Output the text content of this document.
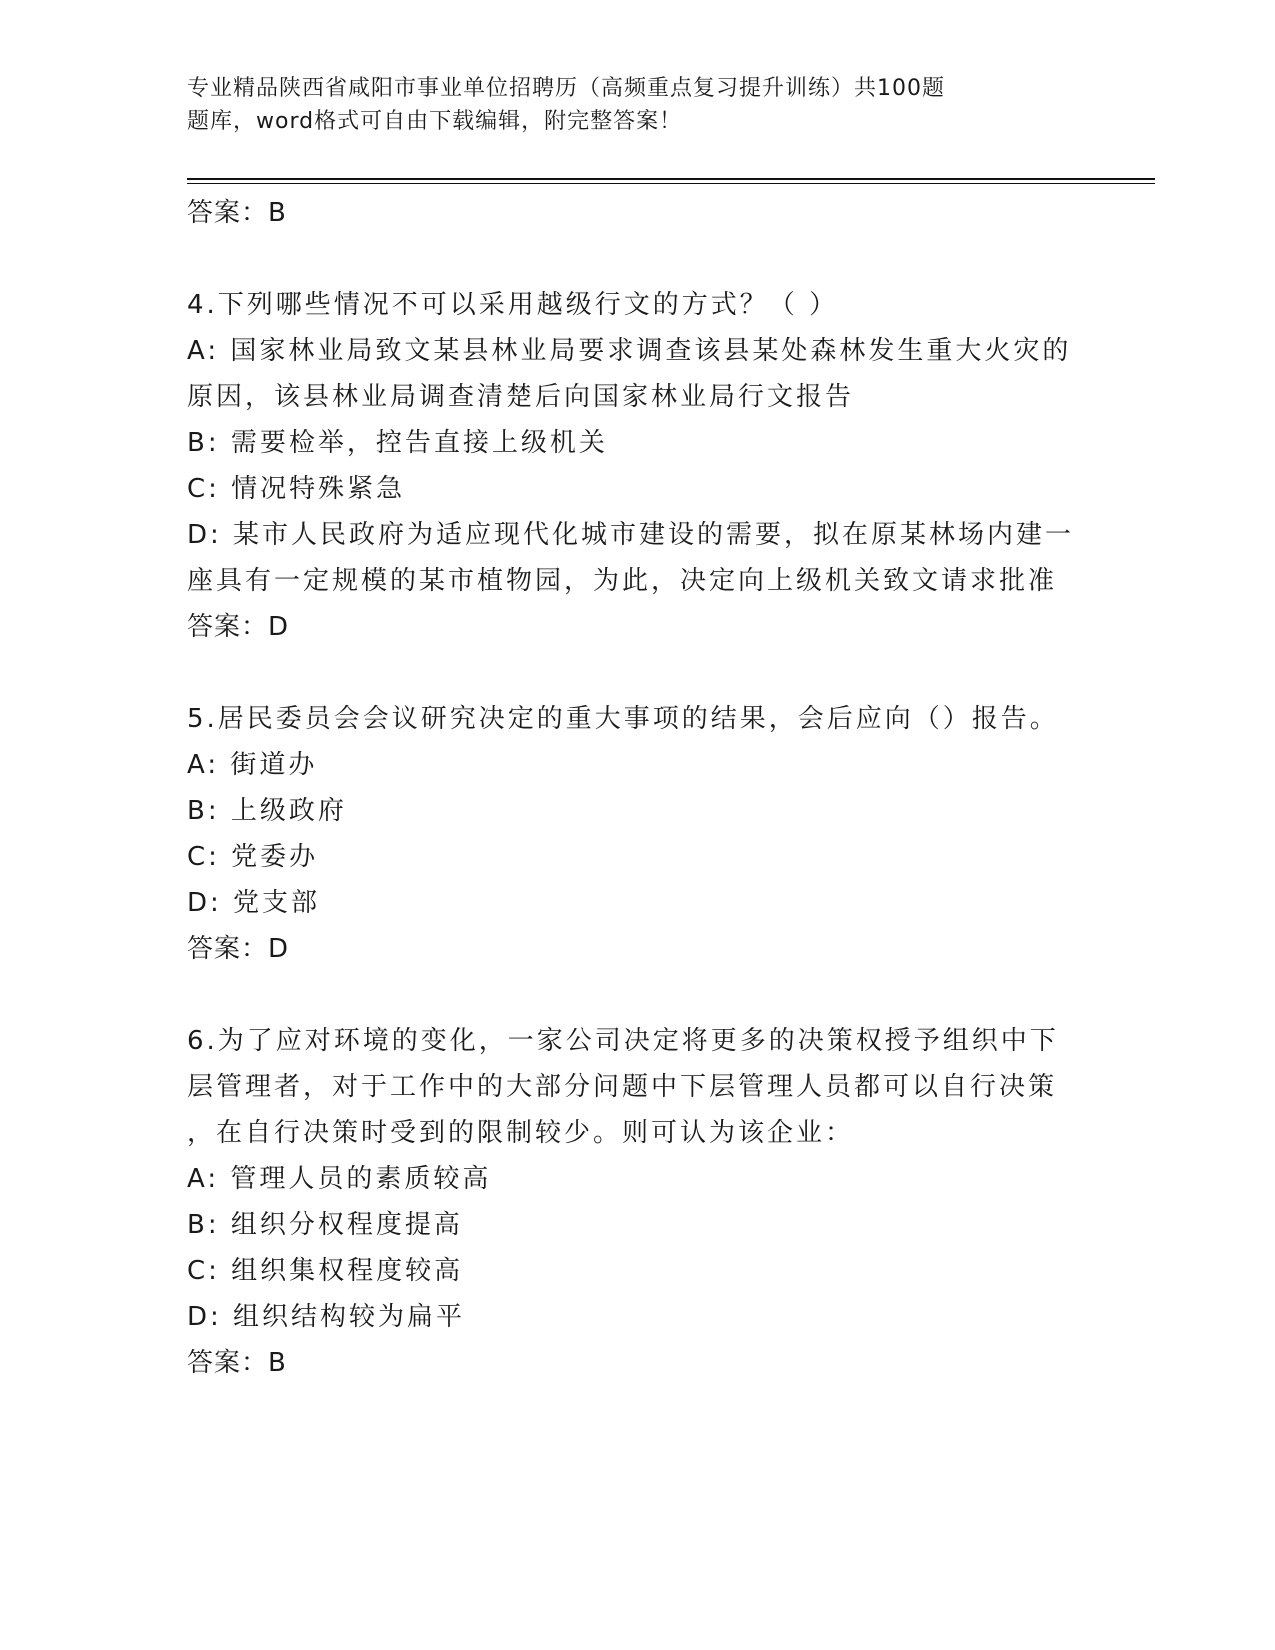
专业精品陕西省咸阳市事业单位招聘历（高频重点复习提升训练）共100题
题库，word格式可自由下载编辑，附完整答案！
答案：B
4.下列哪些情况不可以采用越级行文的方式？（ ）
A: 国家林业局致文某县林业局要求调查该县某处森林发生重大火灾的
原因，该县林业局调查清楚后向国家林业局行文报告
B: 需要检举，控告直接上级机关
C: 情况特殊紧急
D: 某市人民政府为适应现代化城市建设的需要，拟在原某林场内建一
座具有一定规模的某市植物园，为此，决定向上级机关致文请求批准
答案：D
5.居民委员会会议研究决定的重大事项的结果，会后应向（）报告。
A: 街道办
B: 上级政府
C: 党委办
D: 党支部
答案：D
6.为了应对环境的变化，一家公司决定将更多的决策权授予组织中下
层管理者，对于工作中的大部分问题中下层管理人员都可以自行决策
，在自行决策时受到的限制较少。则可认为该企业：
A: 管理人员的素质较高
B: 组织分权程度提高
C: 组织集权程度较高
D: 组织结构较为扁平
答案：B
